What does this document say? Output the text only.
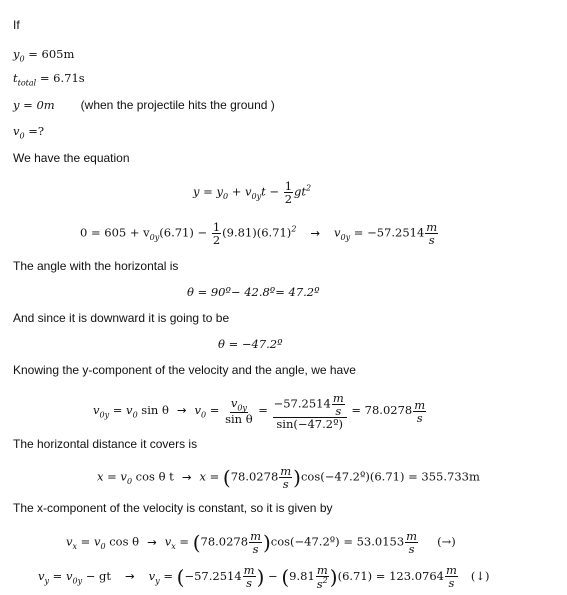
If
$y_0 = 605m$
$t_{total} = 6.71s$
y = 0m (when the projectile hits the ground )
$v_0$ =?
We have the equation
$y = y_0 + v_{0y}t - \frac{1}{2} gt^2$
$0 = 605 + v_{0y}(6.71) - \frac{1}{2} (9.81)(6.71)^2 \to v_{0y} = -57.2514 \frac{m}{s}$
The angle with the horizontal is
θ = 90º− 42.8º= 47.2º
And since it is downward it is going to be
θ = −47.2º
Knowing the y-component of the velocity and the angle, we have
$v_{0y} = v_0$ $\sin \theta \to v_0 = \frac{v_{0y}}{\text{sin θ}} = \frac{-57.2514 \frac{m}{s}}{\text{sin(−47.2º)}} = 78.0278 \frac{m}{s}$
The horizontal distance it covers is
$x = v_0$ cos θ $t \to x = (78.0278 \frac{m}{s}$ )cos(−47.2º)(6.71) = 355.733m
The x-component of the velocity is constant, so it is given by
$v_x = v_0$ $\cos \theta \to v_x = (78.0278 \frac{m}{s}$ )cos(−47.2º) = $53.0153 \frac{m}{s}$ (→)
$v_y = v_{0y}$ − gt → $v_y = (-57.2514 \frac{m}{s}$ ) − $(9.81 \frac{m}{s^2} )(6.71) = 123.0764 \frac{m}{s}$ (↓)
